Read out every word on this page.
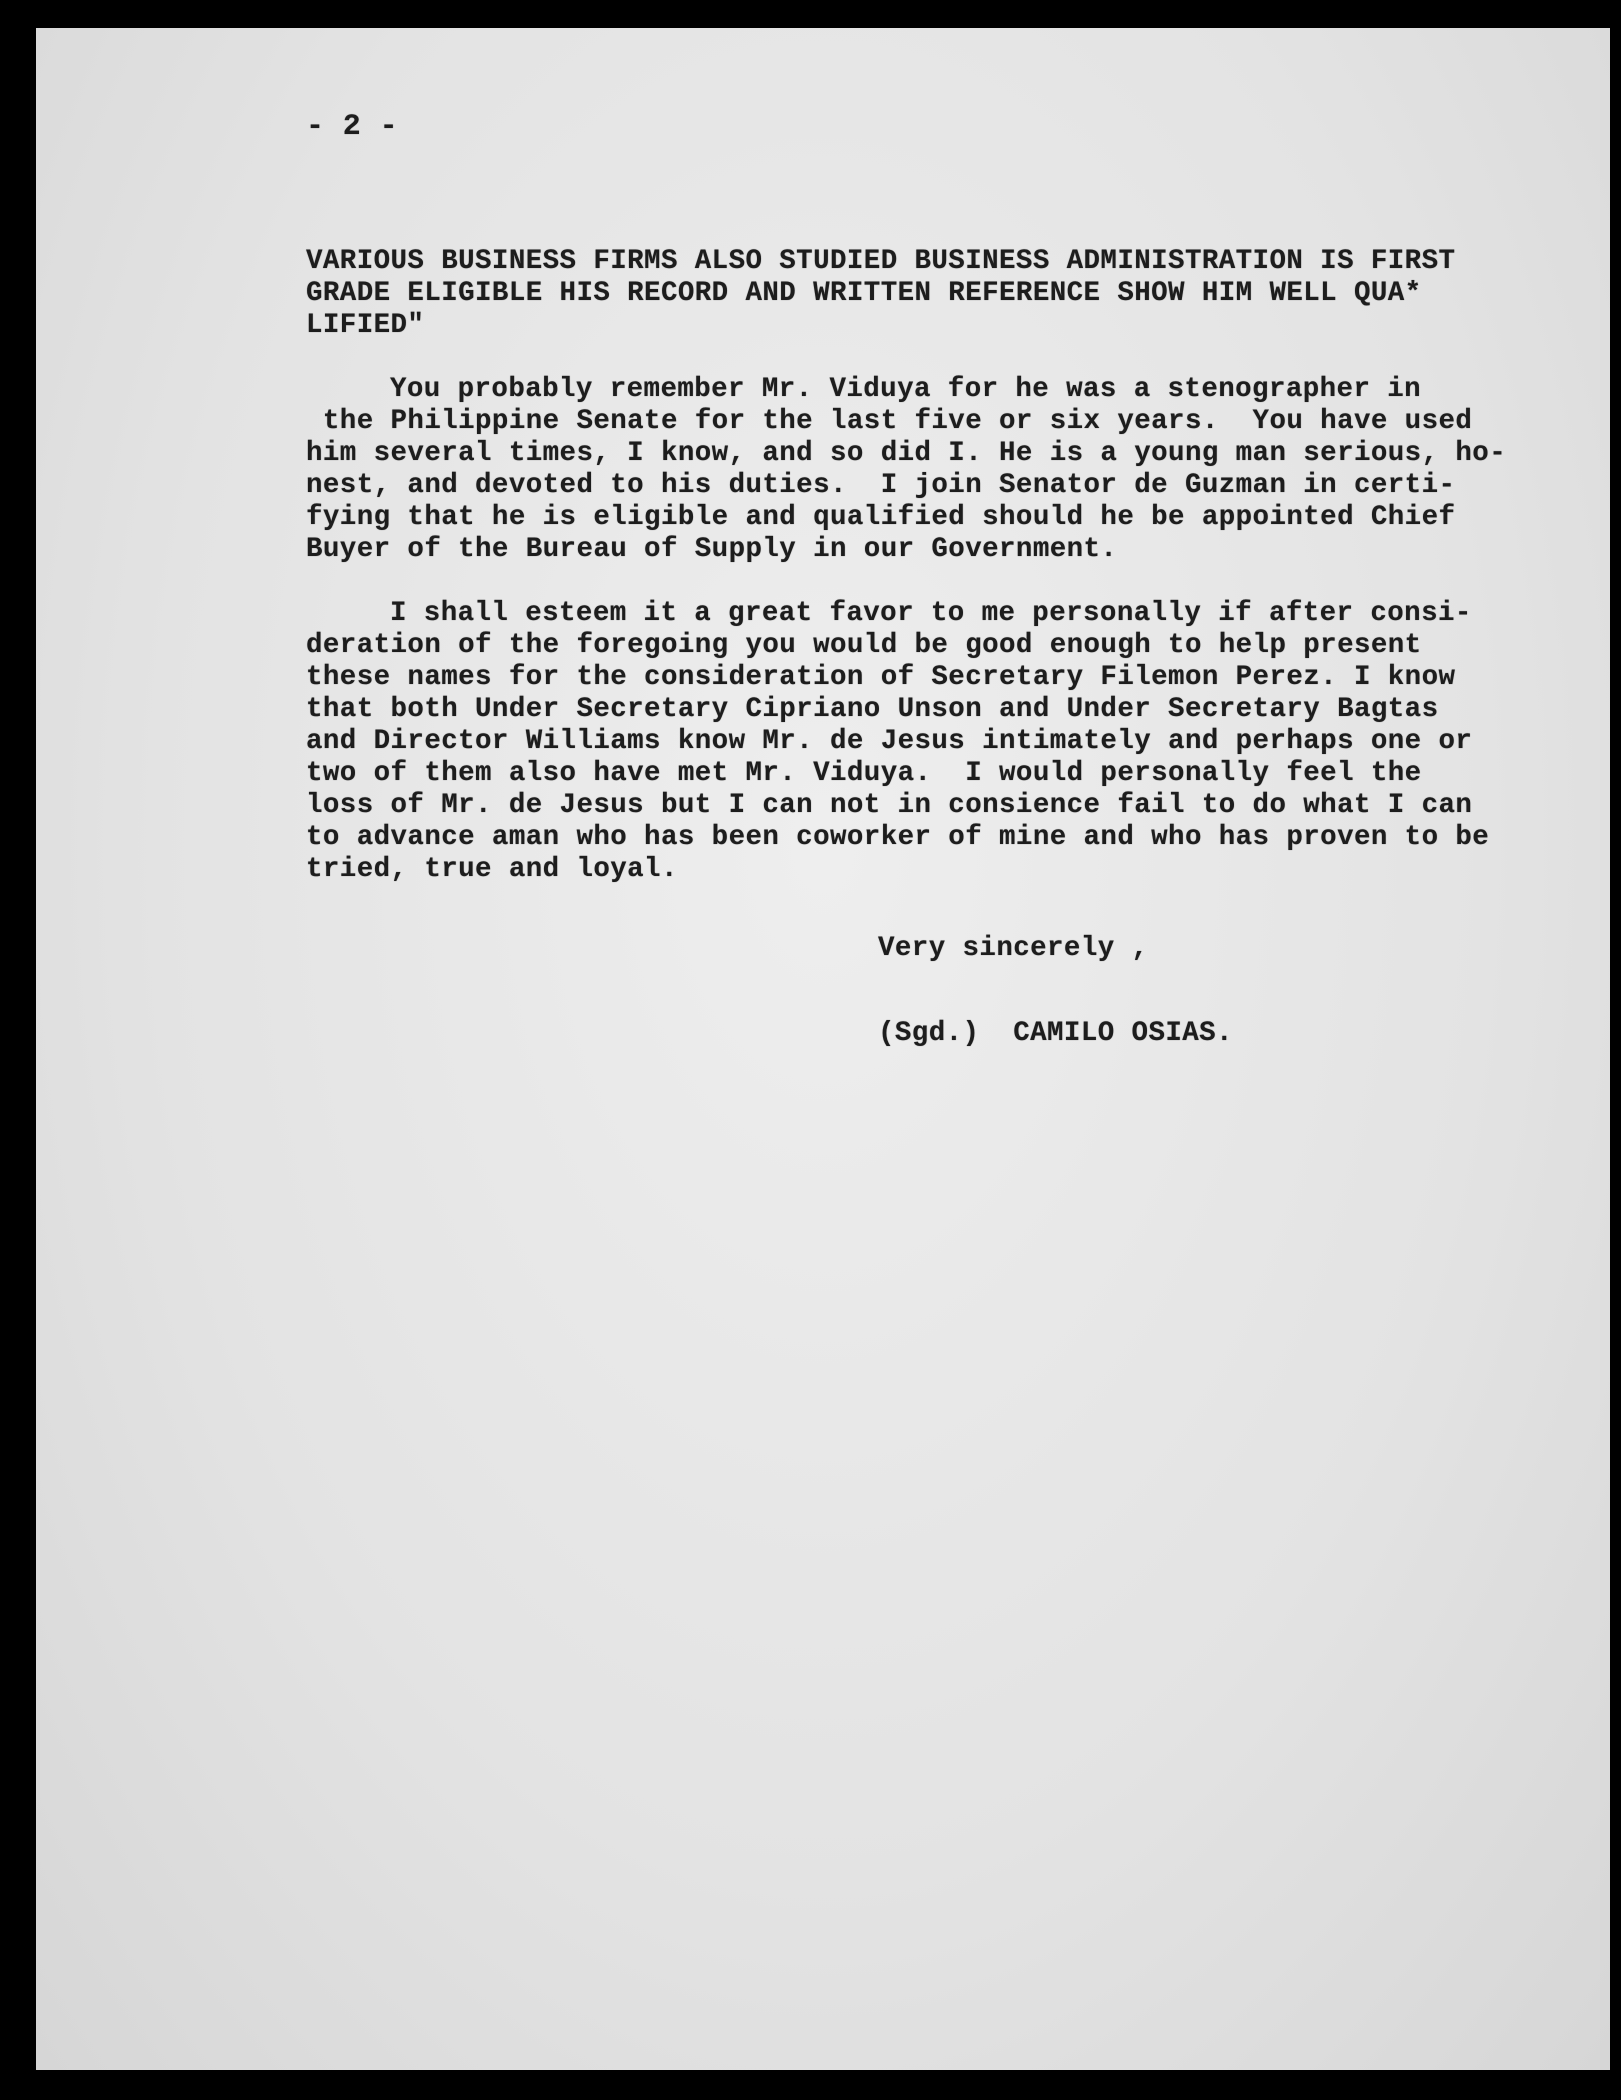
- 2 -

VARIOUS BUSINESS FIRMS ALSO STUDIED BUSINESS ADMINISTRATION IS FIRST

GRADE ELIGIBLE HIS RECORD AND WRITTEN REFERENCE SHOW HIM WELL QUA*

LIFIED"

You probably remember Mr. Viduya for he was a stenographer in

the Philippine Senate for the last five or six years.  You have used

him several times, I know, and so did I. He is a young man serious, ho-

nest, and devoted to his duties.  I join Senator de Guzman in certi-

fying that he is eligible and qualified should he be appointed Chief

Buyer of the Bureau of Supply in our Government.

I shall esteem it a great favor to me personally if after consi-

deration of the foregoing you would be good enough to help present

these names for the consideration of Secretary Filemon Perez. I know

that both Under Secretary Cipriano Unson and Under Secretary Bagtas

and Director Williams know Mr. de Jesus intimately and perhaps one or

two of them also have met Mr. Viduya.  I would personally feel the

loss of Mr. de Jesus but I can not in consience fail to do what I can

to advance aman who has been coworker of mine and who has proven to be

tried, true and loyal.

Very sincerely ,

(Sgd.)  CAMILO OSIAS.
